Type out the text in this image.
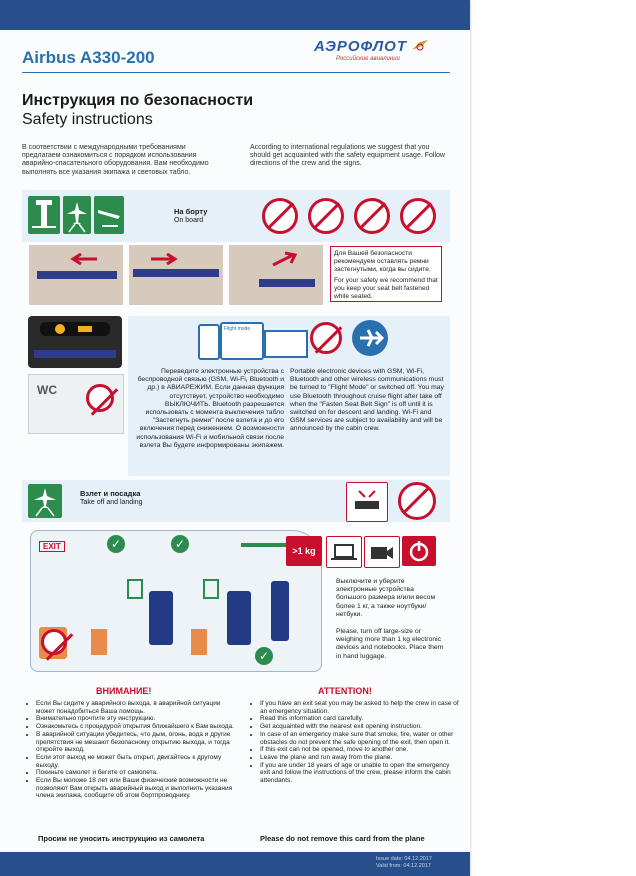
Airbus A330-200
АЭРОФЛОТ
Российские авиалинии
Инструкция по безопасности
Safety instructions
В соответствии с международными требованиями предлагаем ознакомиться с порядком использования аварийно-спасательного оборудования. Вам необходимо выполнять все указания экипажа и световых табло.
According to international regulations we suggest that you should get acquainted with the safety equipment usage. Follow directions of the crew and the signs.
На борту
On board
Для Вашей безопасности рекомендуем оставлять ремни застегнутыми, когда вы сидите.
For your safety we recommend that you keep your seat belt fastened while seated.
WC
Flight mode
Переведите электронные устройства с беспроводной связью (GSM, Wi-Fi, Bluetooth и др.) в АВИАРЕЖИМ. Если данная функция отсутствует, устройство необходимо ВЫКЛЮЧИТЬ. Bluetooth разрешается использовать с момента выключения табло "Застегнуть ремни" после взлета и до его включения перед снижением. О возможности использования Wi-Fi и мобильной связи после взлета Вы будете информированы экипажем.
Portable electronic devices with GSM, Wi-Fi, Bluetooth and other wireless communications must be turned to "Flight Mode" or switched off. You may use Bluetooth throughout cruise flight after take off when the "Fasten Seat Belt Sign" is off until it is switched on for descent and landing. Wi-Fi and GSM services are subject to availability and will be announced by the cabin crew.
Взлет и посадка
Take off and landing
EXIT	✓	✓
✓
>1 kg
Выключите и уберите электронные устройства большого размера и/или весом более 1 кг, а также ноутбуки/нетбуки.
Please, turn off large-size or weighing more than 1 kg electronic devices and notebooks. Place them in hand luggage.
ВНИМАНИЕ!	ATTENTION!
• Если Вы сидите у аварийного выхода, в аварийной ситуации может понадобиться Ваша помощь.
• Внимательно прочтите эту инструкцию.
• Ознакомьтесь с процедурой открытия ближайшего к Вам выхода.
• В аварийной ситуации убедитесь, что дым, огонь, вода и другие препятствия не мешают безопасному открытию выхода, и тогда откройте выход.
• Если этот выход не может быть открыт, двигайтесь к другому выходу.
• Покиньте самолет и бегите от самолета.
• Если Вы моложе 18 лет или Ваши физические возможности не позволяют Вам открыть аварийный выход и выполнить указания члена экипажа, сообщите об этом бортпроводнику.
• If you have an exit seat you may be asked to help the crew in case of an emergency situation.
• Read this information card carefully.
• Get acquainted with the nearest exit opening instruction.
• In case of an emergency make sure that smoke, fire, water or other obstacles do not prevent the safe opening of the exit, then open it.
• If this exit can not be opened, move to another one.
• Leave the plane and run away from the plane.
• If you are under 18 years of age or unable to open the emergency exit and follow the instructions of the crew, please inform the cabin attendants.
Просим не уносить инструкцию из самолета	Please do not remove this card from the plane
Issue date: 04.12.2017
Valid from: 04.12.2017
